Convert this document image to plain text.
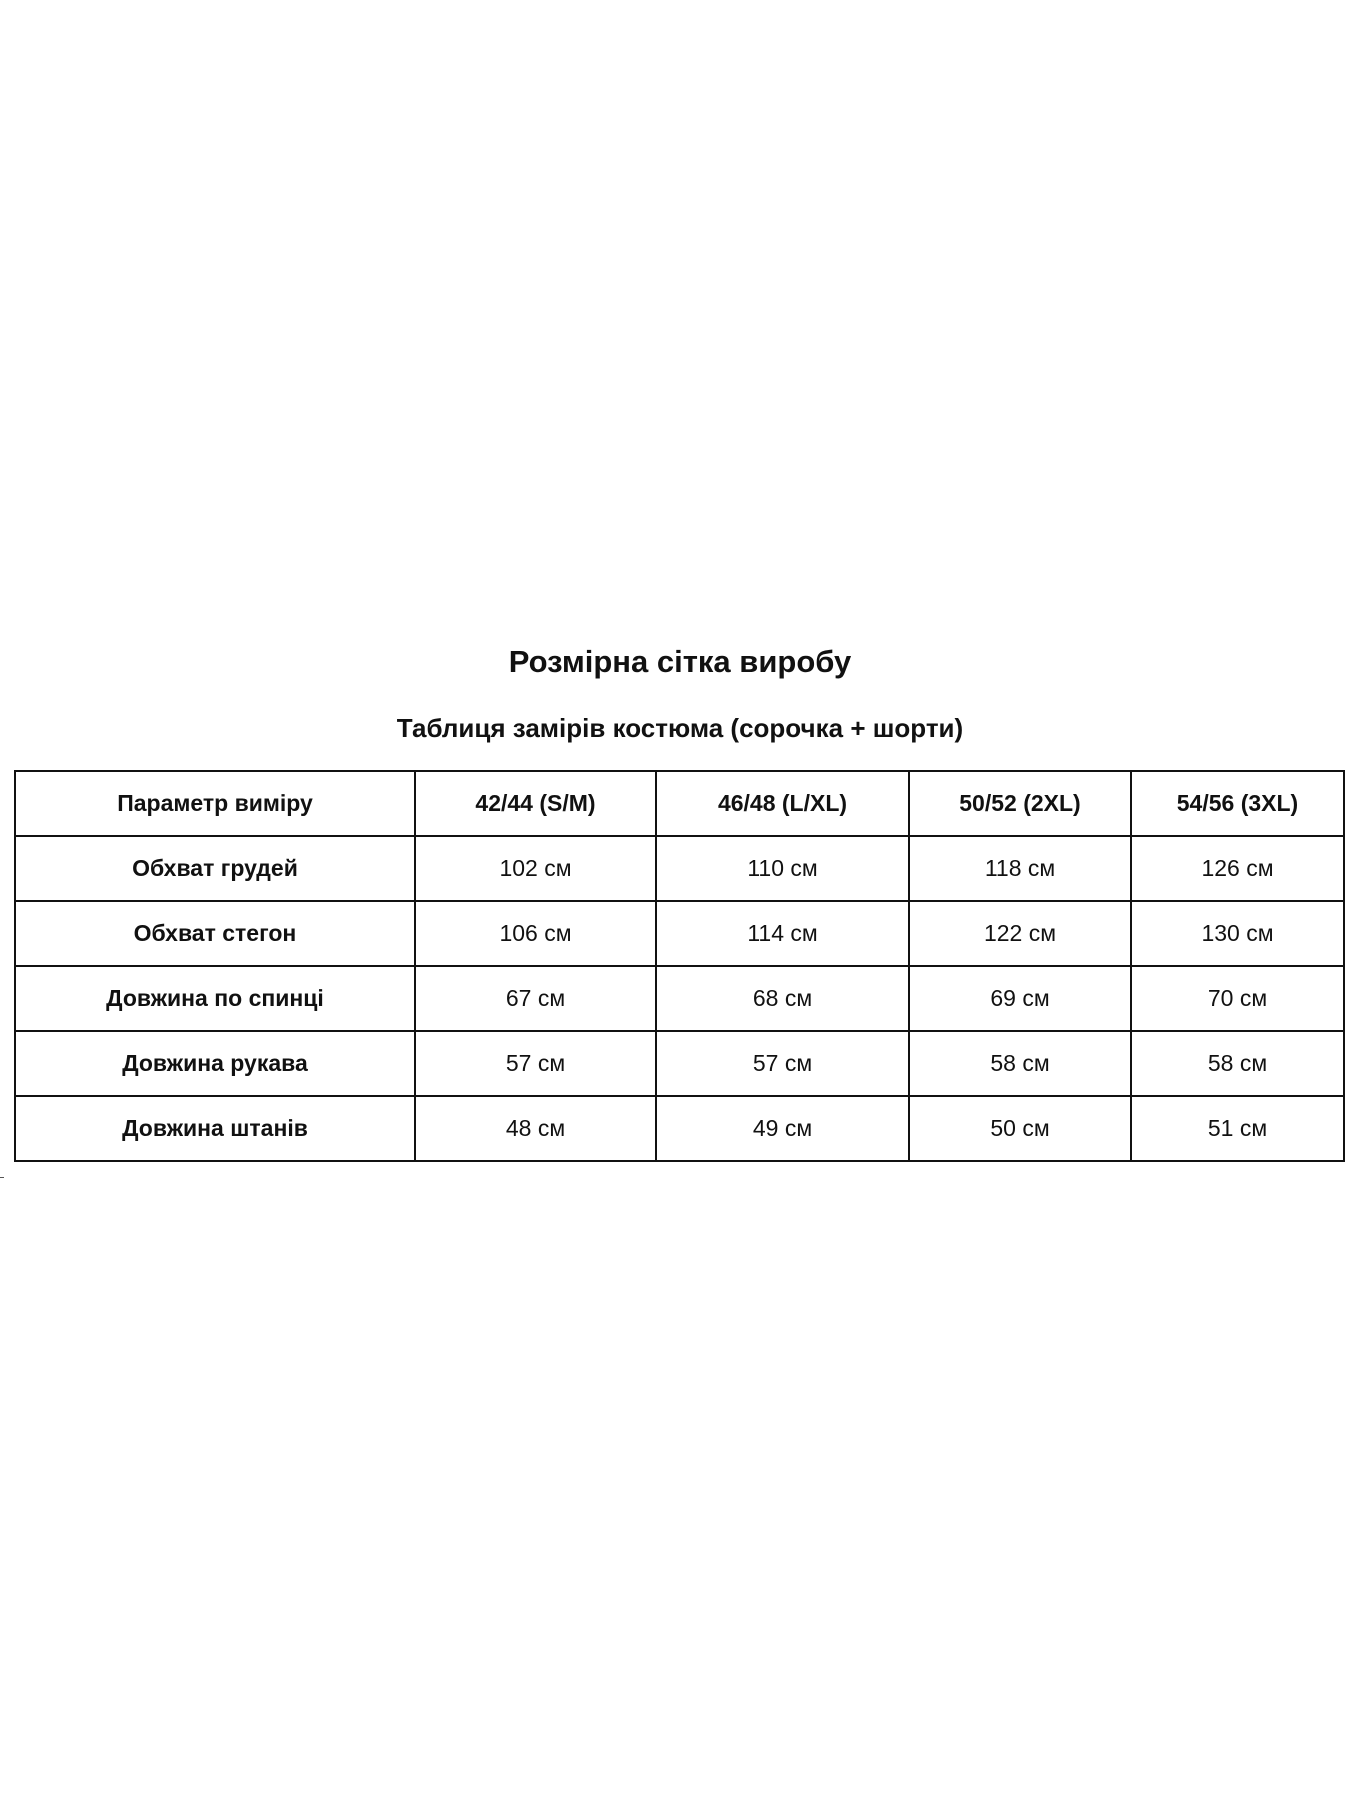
Розмірна сітка виробу
Таблиця замірів костюма (сорочка + шорти)
Параметр виміру	42/44 (S/M)	46/48 (L/XL)	50/52 (2XL)	54/56 (3XL)
Обхват грудей	102 см	110 см	118 см	126 см
Обхват стегон	106 см	114 см	122 см	130 см
Довжина по спинці	67 см	68 см	69 см	70 см
Довжина рукава	57 см	57 см	58 см	58 см
Довжина штанів	48 см	49 см	50 см	51 см
